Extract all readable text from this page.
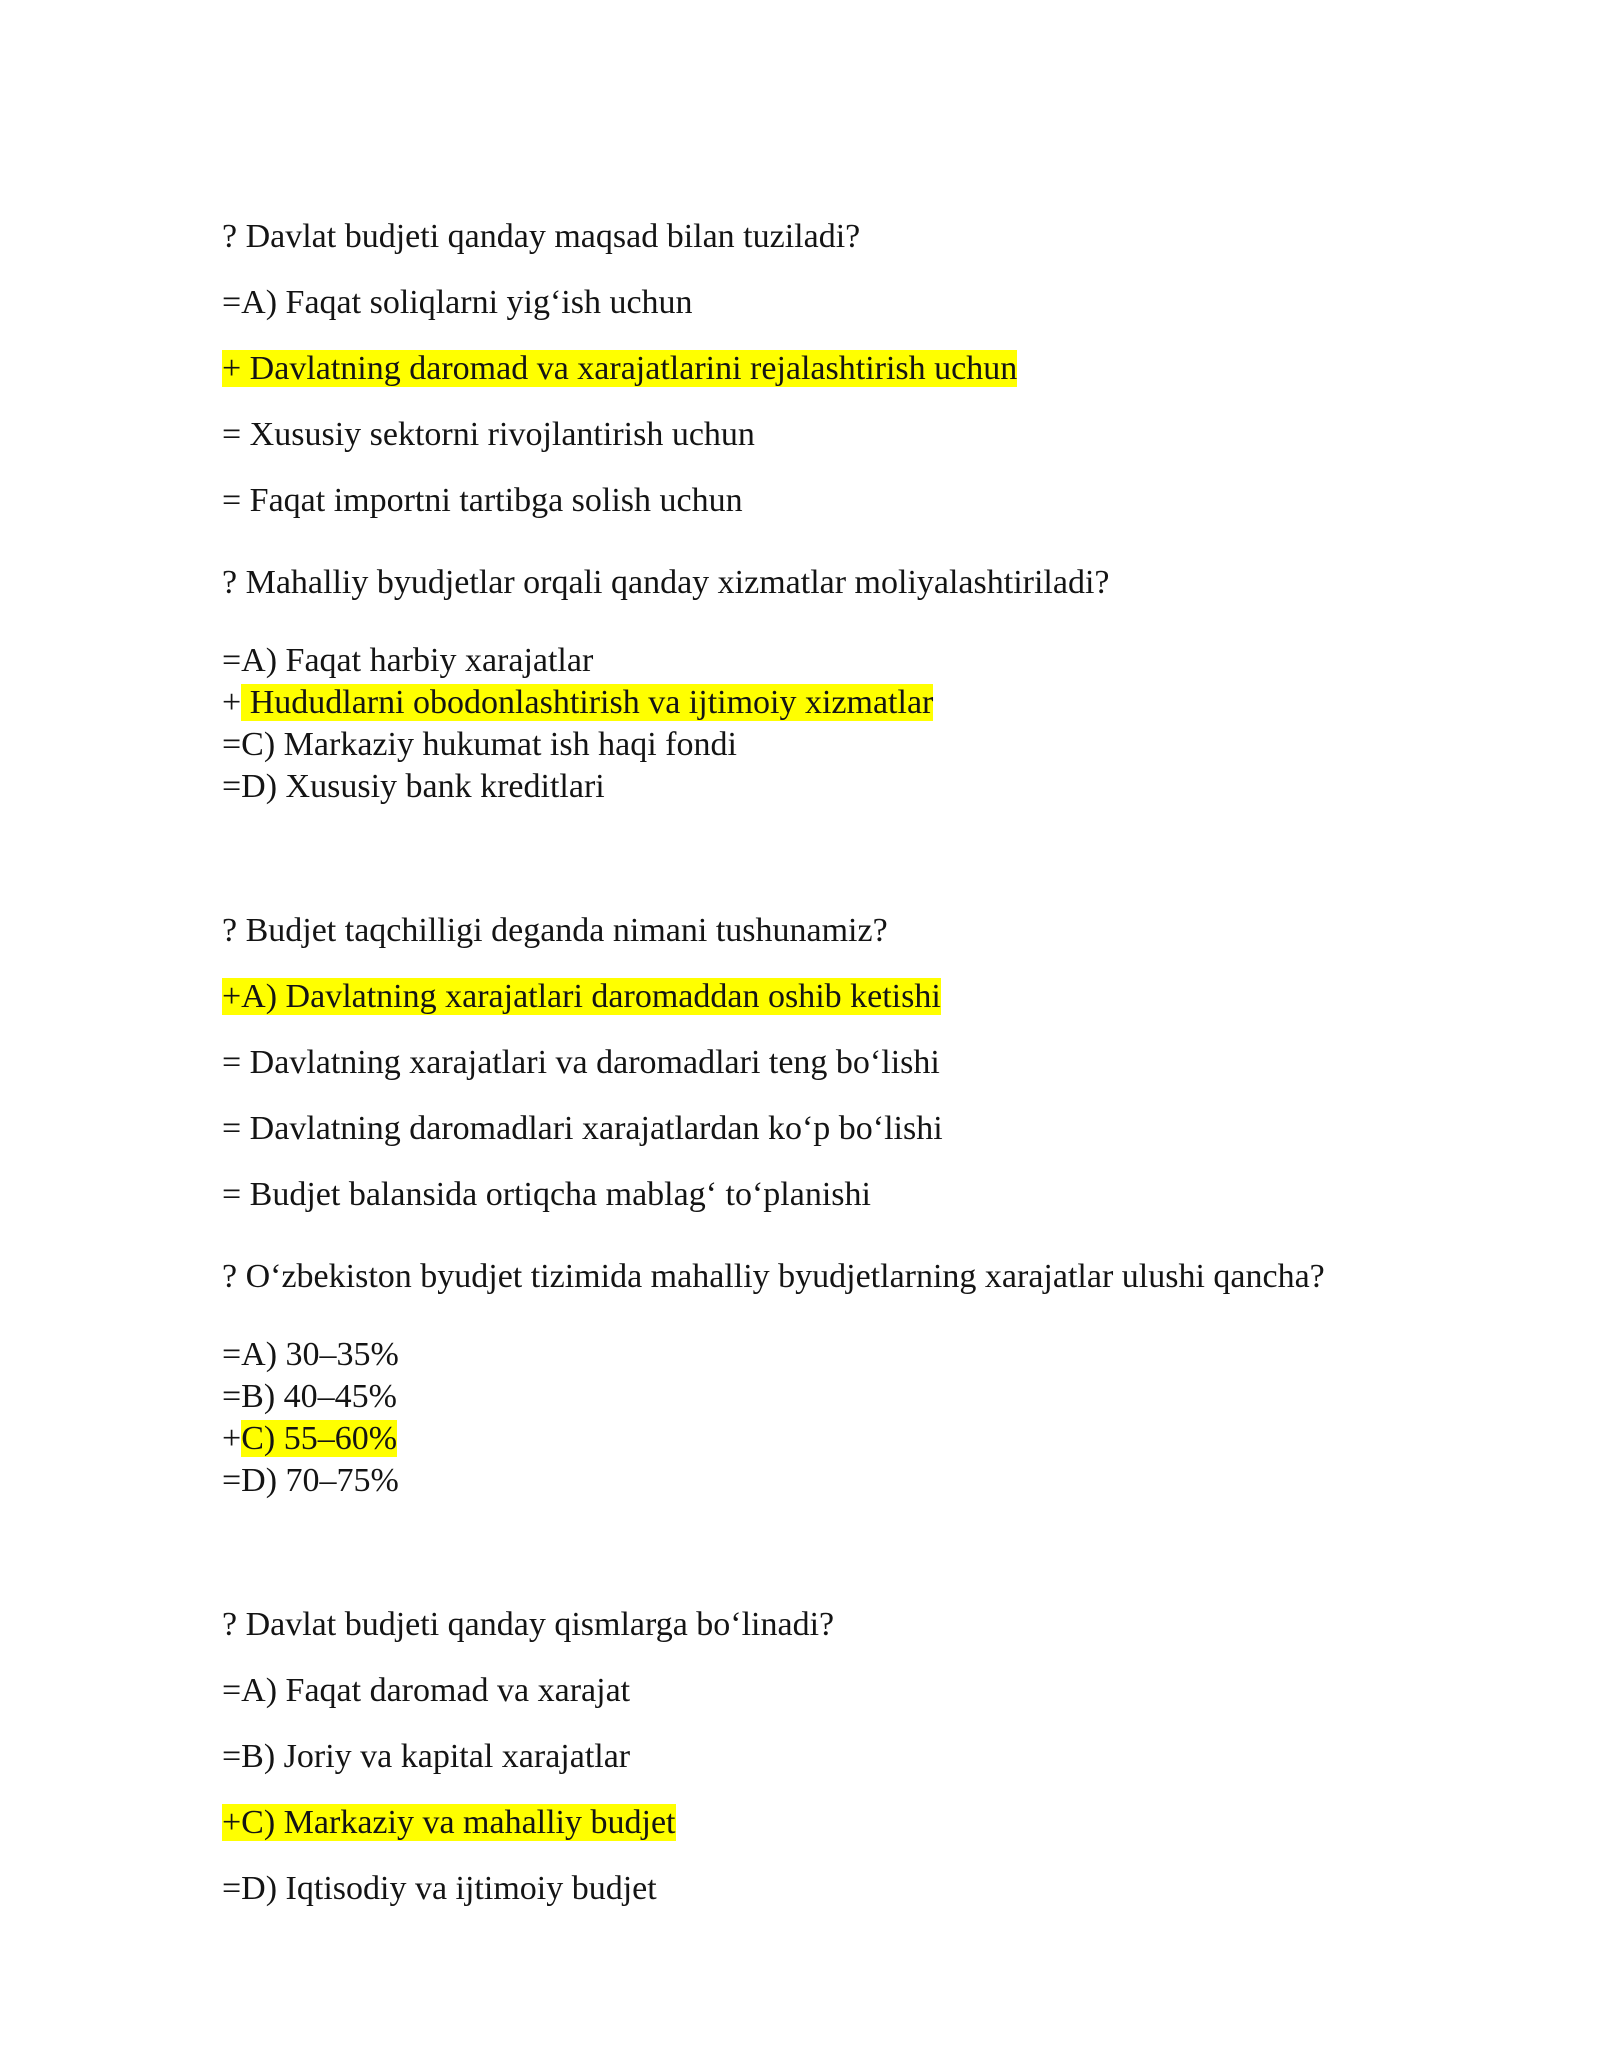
? Davlat budjeti qanday maqsad bilan tuziladi?
=A) Faqat soliqlarni yig‘ish uchun
+ Davlatning daromad va xarajatlarini rejalashtirish uchun
= Xususiy sektorni rivojlantirish uchun
= Faqat importni tartibga solish uchun
? Mahalliy byudjetlar orqali qanday xizmatlar moliyalashtiriladi?
=A) Faqat harbiy xarajatlar
+ Hududlarni obodonlashtirish va ijtimoiy xizmatlar
=C) Markaziy hukumat ish haqi fondi
=D) Xususiy bank kreditlari
? Budjet taqchilligi deganda nimani tushunamiz?
+A) Davlatning xarajatlari daromaddan oshib ketishi
= Davlatning xarajatlari va daromadlari teng bo‘lishi
= Davlatning daromadlari xarajatlardan ko‘p bo‘lishi
= Budjet balansida ortiqcha mablag‘ to‘planishi
? O‘zbekiston byudjet tizimida mahalliy byudjetlarning xarajatlar ulushi qancha?
=A) 30–35%
=B) 40–45%
+C) 55–60%
=D) 70–75%
? Davlat budjeti qanday qismlarga bo‘linadi?
=A) Faqat daromad va xarajat
=B) Joriy va kapital xarajatlar
+C) Markaziy va mahalliy budjet
=D) Iqtisodiy va ijtimoiy budjet
